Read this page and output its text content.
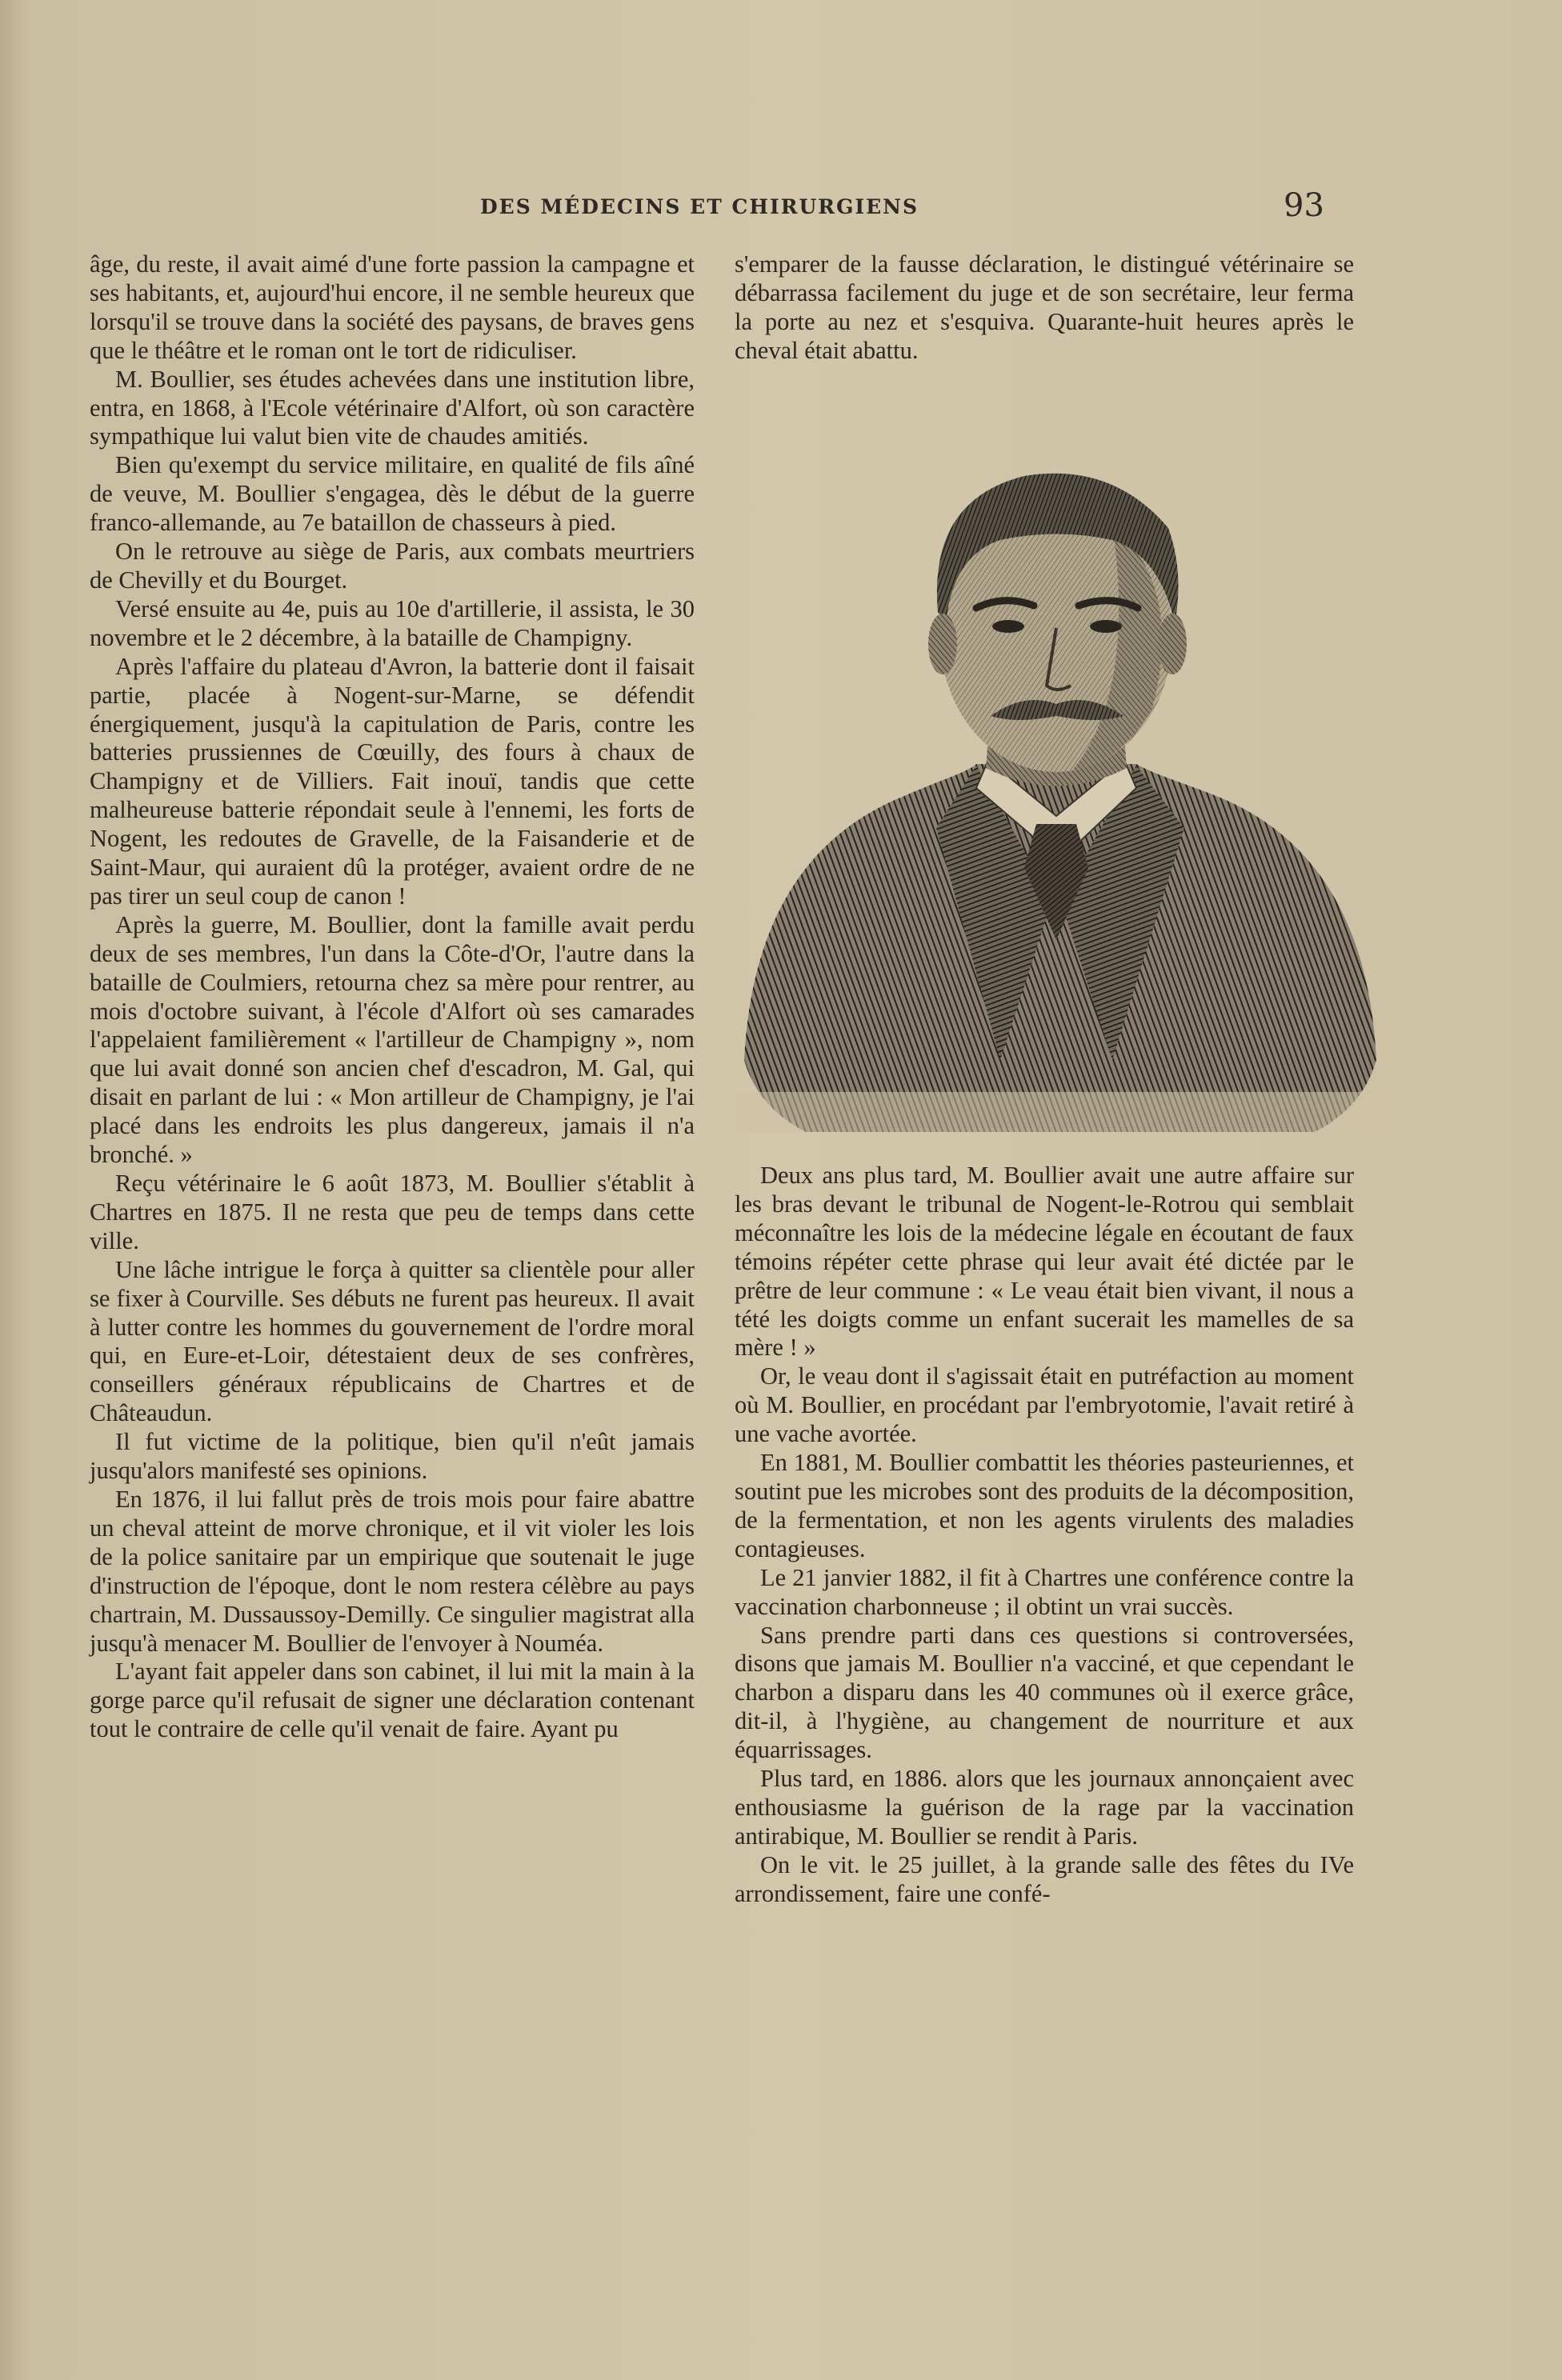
DES MÉDECINS ET CHIRURGIENS	93

âge, du reste, il avait aimé d'une forte passion la campagne et ses habitants, et, aujourd'hui encore, il ne semble heureux que lorsqu'il se trouve dans la société des paysans, de braves gens que le théâtre et le roman ont le tort de ridiculiser.

M. Boullier, ses études achevées dans une institution libre, entra, en 1868, à l'Ecole vétérinaire d'Alfort, où son caractère sympathique lui valut bien vite de chaudes amitiés.

Bien qu'exempt du service militaire, en qualité de fils aîné de veuve, M. Boullier s'engagea, dès le début de la guerre franco-allemande, au 7e bataillon de chasseurs à pied.

On le retrouve au siège de Paris, aux combats meurtriers de Chevilly et du Bourget.

Versé ensuite au 4e, puis au 10e d'artillerie, il assista, le 30 novembre et le 2 décembre, à la bataille de Champigny.

Après l'affaire du plateau d'Avron, la batterie dont il faisait partie, placée à Nogent-sur-Marne, se défendit énergiquement, jusqu'à la capitulation de Paris, contre les batteries prussiennes de Cœuilly, des fours à chaux de Champigny et de Villiers. Fait inouï, tandis que cette malheureuse batterie répondait seule à l'ennemi, les forts de Nogent, les redoutes de Gravelle, de la Faisanderie et de Saint-Maur, qui auraient dû la protéger, avaient ordre de ne pas tirer un seul coup de canon !

Après la guerre, M. Boullier, dont la famille avait perdu deux de ses membres, l'un dans la Côte-d'Or, l'autre dans la bataille de Coulmiers, retourna chez sa mère pour rentrer, au mois d'octobre suivant, à l'école d'Alfort où ses camarades l'appelaient familièrement « l'artilleur de Champigny », nom que lui avait donné son ancien chef d'escadron, M. Gal, qui disait en parlant de lui : « Mon artilleur de Champigny, je l'ai placé dans les endroits les plus dangereux, jamais il n'a bronché. »

Reçu vétérinaire le 6 août 1873, M. Boullier s'établit à Chartres en 1875. Il ne resta que peu de temps dans cette ville.

Une lâche intrigue le força à quitter sa clientèle pour aller se fixer à Courville. Ses débuts ne furent pas heureux. Il avait à lutter contre les hommes du gouvernement de l'ordre moral qui, en Eure-et-Loir, détestaient deux de ses confrères, conseillers généraux républicains de Chartres et de Châteaudun.

Il fut victime de la politique, bien qu'il n'eût jamais jusqu'alors manifesté ses opinions.

En 1876, il lui fallut près de trois mois pour faire abattre un cheval atteint de morve chronique, et il vit violer les lois de la police sanitaire par un empirique que soutenait le juge d'instruction de l'époque, dont le nom restera célèbre au pays chartrain, M. Dussaussoy-Demilly. Ce singulier magistrat alla jusqu'à menacer M. Boullier de l'envoyer à Nouméa.

L'ayant fait appeler dans son cabinet, il lui mit la main à la gorge parce qu'il refusait de signer une déclaration contenant tout le contraire de celle qu'il venait de faire. Ayant pu

s'emparer de la fausse déclaration, le distingué vétérinaire se débarrassa facilement du juge et de son secrétaire, leur ferma la porte au nez et s'esquiva. Quarante-huit heures après le cheval était abattu.

Deux ans plus tard, M. Boullier avait une autre affaire sur les bras devant le tribunal de Nogent-le-Rotrou qui semblait méconnaître les lois de la médecine légale en écoutant de faux témoins répéter cette phrase qui leur avait été dictée par le prêtre de leur commune : « Le veau était bien vivant, il nous a tété les doigts comme un enfant sucerait les mamelles de sa mère ! »

Or, le veau dont il s'agissait était en putréfaction au moment où M. Boullier, en procédant par l'embryotomie, l'avait retiré à une vache avortée.

En 1881, M. Boullier combattit les théories pasteuriennes, et soutint pue les microbes sont des produits de la décomposition, de la fermentation, et non les agents virulents des maladies contagieuses.

Le 21 janvier 1882, il fit à Chartres une conférence contre la vaccination charbonneuse ; il obtint un vrai succès.

Sans prendre parti dans ces questions si controversées, disons que jamais M. Boullier n'a vacciné, et que cependant le charbon a disparu dans les 40 communes où il exerce grâce, dit-il, à l'hygiène, au changement de nourriture et aux équarrissages.

Plus tard, en 1886. alors que les journaux annonçaient avec enthousiasme la guérison de la rage par la vaccination antirabique, M. Boullier se rendit à Paris.

On le vit. le 25 juillet, à la grande salle des fêtes du IVe arrondissement, faire une confé-
